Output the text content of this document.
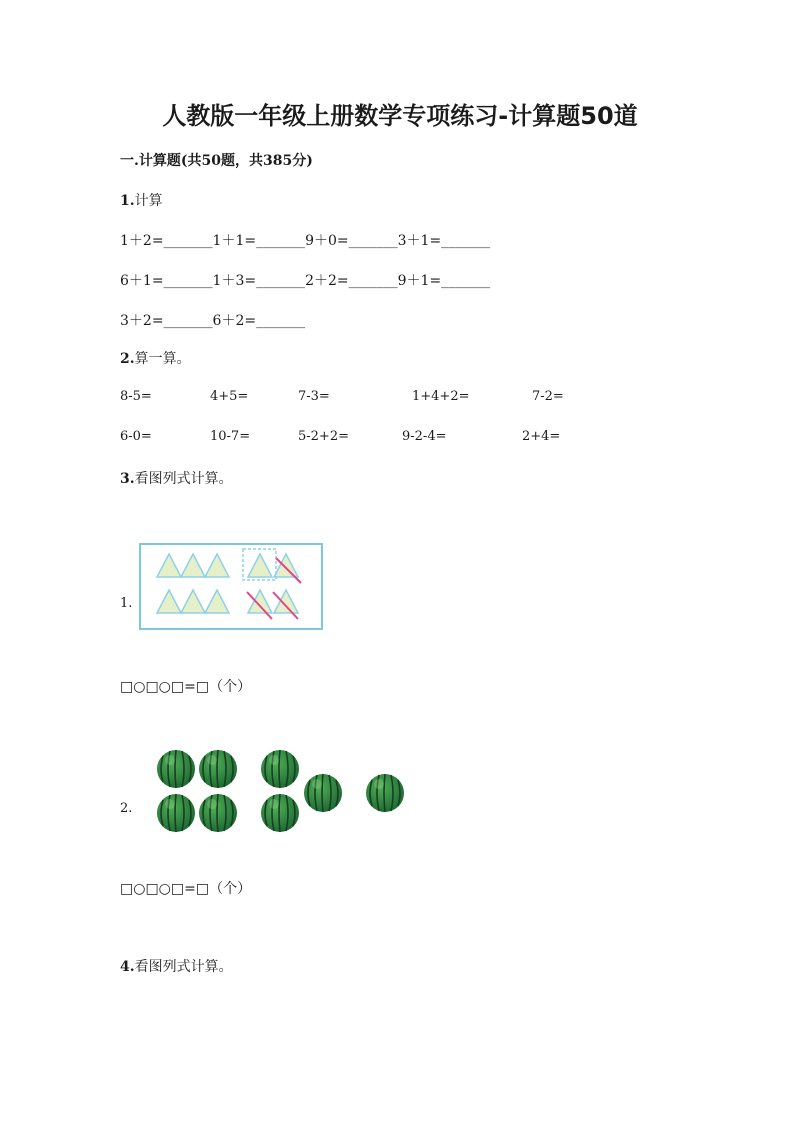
人教版一年级上册数学专项练习-计算题50道
一.计算题(共50题，共385分)
1.计算
1＋2=_______1＋1=_______9＋0=_______3＋1=_______
6＋1=_______1＋3=_______2＋2=_______9＋1=_______
3＋2=_______6＋2=_______
2.算一算。
8-5=	4+5=	7-3=	1+4+2=	7-2=
6-0=	10-7=	5-2+2=	9-2-4=	2+4=
3.看图列式计算。
1.
□○□○□=□（个）
2.
□○□○□=□（个）
4.看图列式计算。
